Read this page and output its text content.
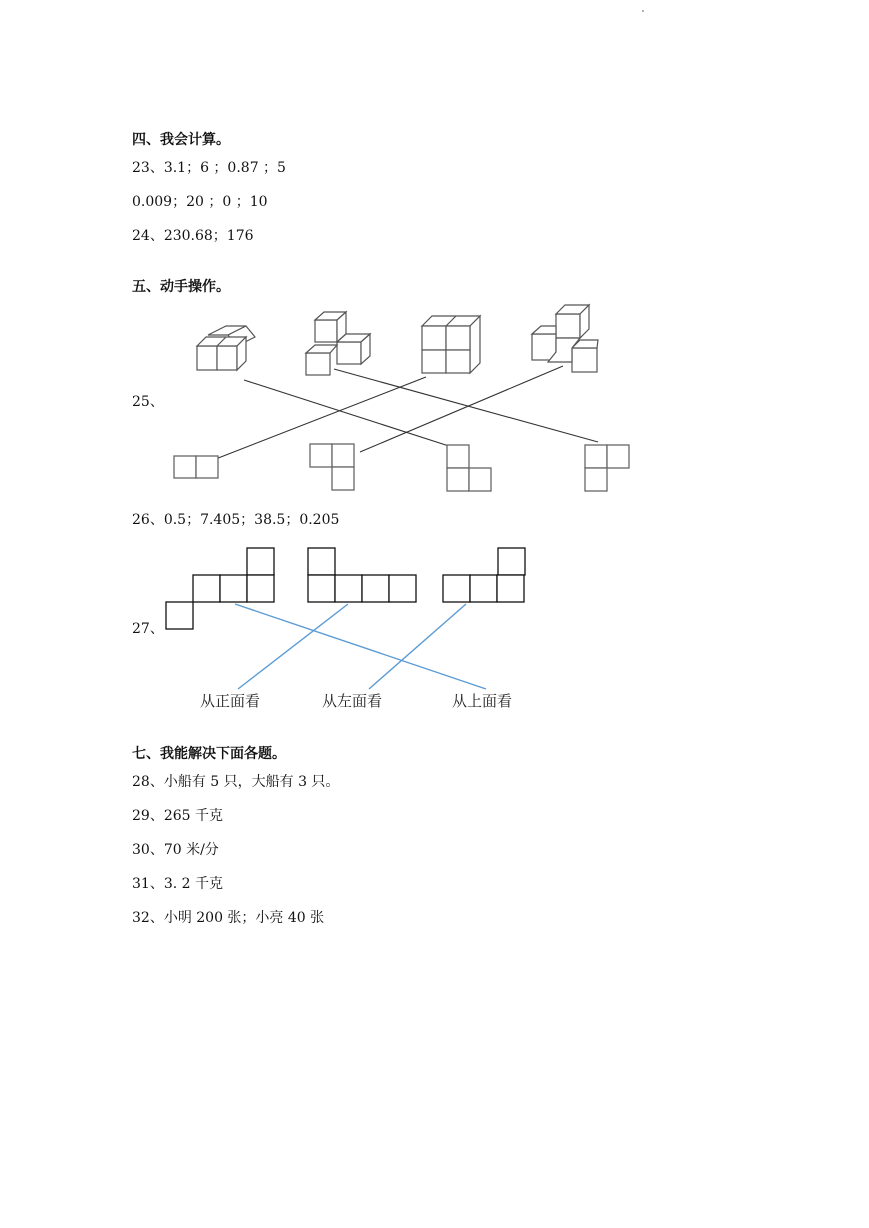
四、我会计算。
23、3.1；6 ；0.87 ；5
0.009；20 ；0 ；10
24、230.68；176
五、动手操作。
25、
26、0.5；7.405；38.5；0.205
27、
从正面看	从左面看	从上面看
七、我能解决下面各题。
28、小船有 5 只，大船有 3 只。
29、265 千克
30、70 米/分
31、3. 2 千克
32、小明 200 张；小亮 40 张
